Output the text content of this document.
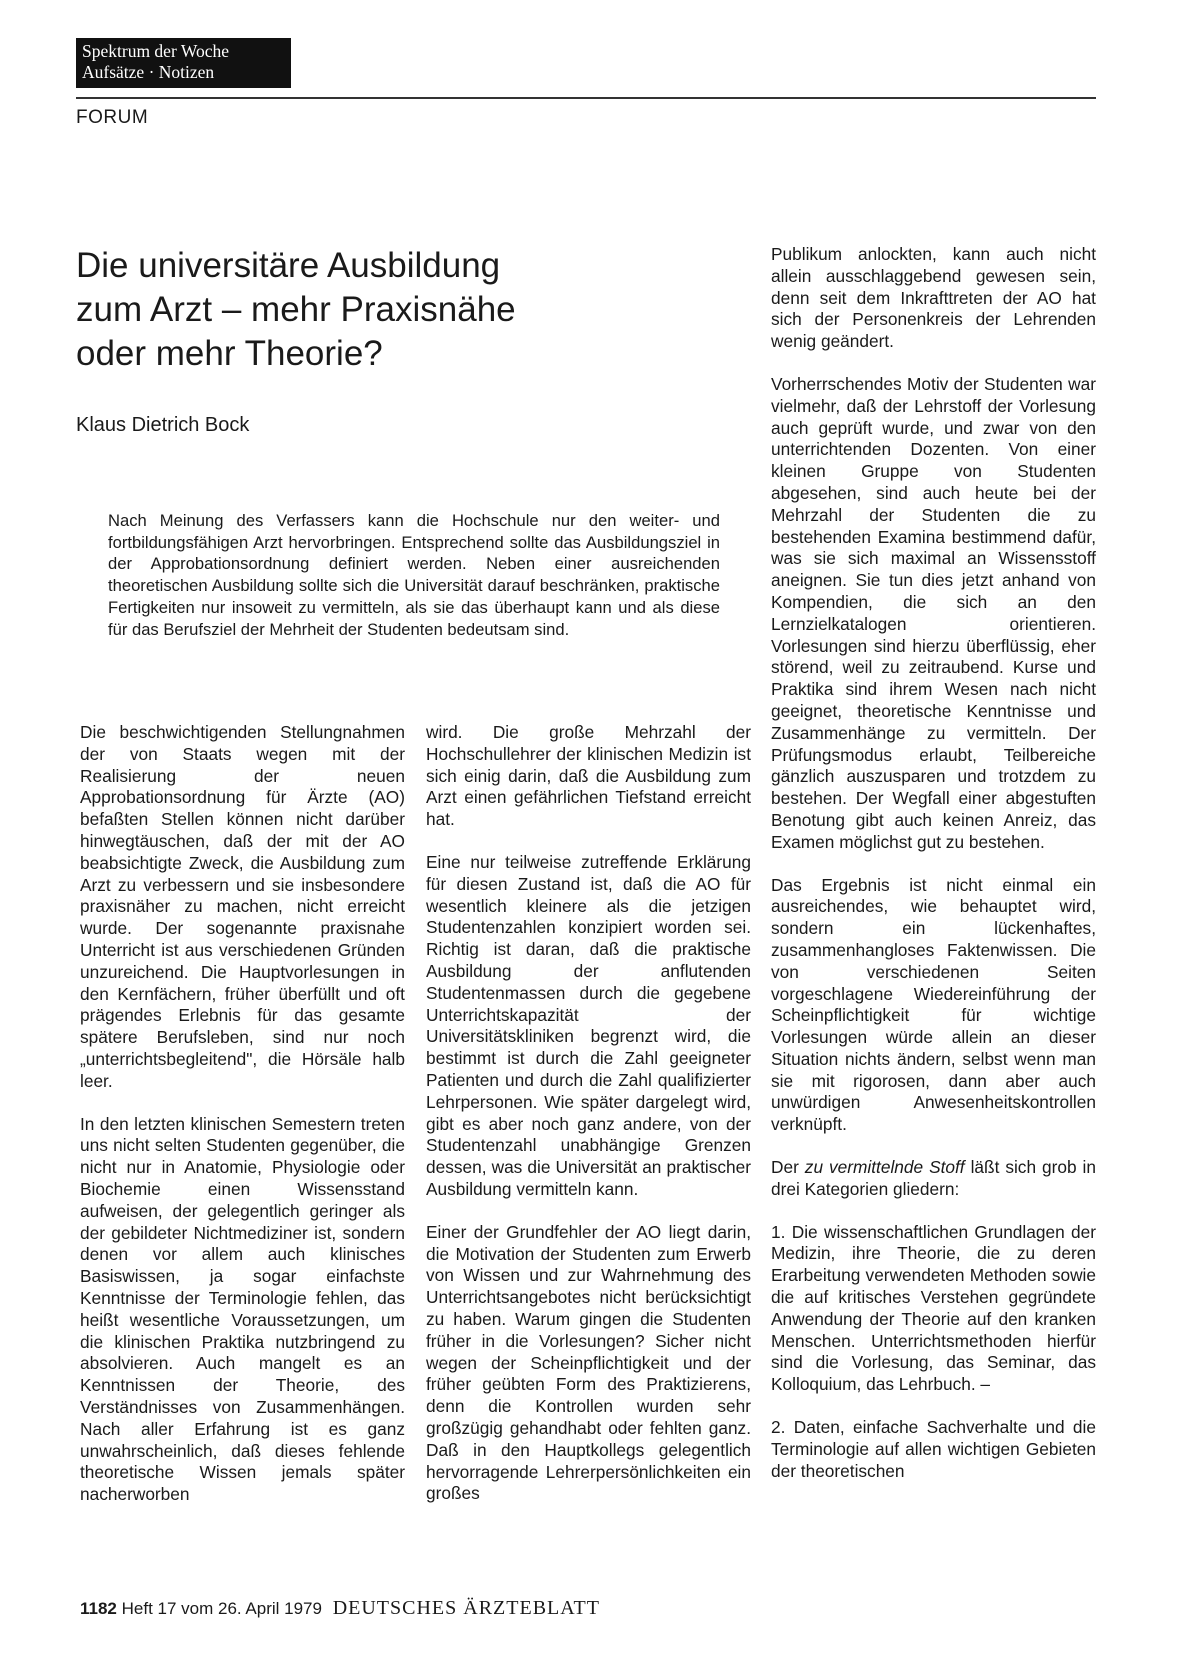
Spektrum der Woche
Aufsätze · Notizen
FORUM
Die universitäre Ausbildung
zum Arzt – mehr Praxisnähe
oder mehr Theorie?
Klaus Dietrich Bock

Nach Meinung des Verfassers kann die Hochschule nur den weiter- und fortbildungsfähigen Arzt hervorbringen. Entsprechend sollte das Ausbildungsziel in der Approbationsordnung definiert werden. Neben einer ausreichenden theoretischen Ausbildung sollte sich die Universität darauf beschränken, praktische Fertigkeiten nur insoweit zu vermitteln, als sie das überhaupt kann und als diese für das Berufsziel der Mehrheit der Studenten bedeutsam sind.

Die beschwichtigenden Stellungnahmen der von Staats wegen mit der Realisierung der neuen Approbationsordnung für Ärzte (AO) befaßten Stellen können nicht darüber hinwegtäuschen, daß der mit der AO beabsichtigte Zweck, die Ausbildung zum Arzt zu verbessern und sie insbesondere praxisnäher zu machen, nicht erreicht wurde. Der sogenannte praxisnahe Unterricht ist aus verschiedenen Gründen unzureichend. Die Hauptvorlesungen in den Kernfächern, früher überfüllt und oft prägendes Erlebnis für das gesamte spätere Berufsleben, sind nur noch „unterrichtsbegleitend", die Hörsäle halb leer.

In den letzten klinischen Semestern treten uns nicht selten Studenten gegenüber, die nicht nur in Anatomie, Physiologie oder Biochemie einen Wissensstand aufweisen, der gelegentlich geringer als der gebildeter Nichtmediziner ist, sondern denen vor allem auch klinisches Basiswissen, ja sogar einfachste Kenntnisse der Terminologie fehlen, das heißt wesentliche Voraussetzungen, um die klinischen Praktika nutzbringend zu absolvieren. Auch mangelt es an Kenntnissen der Theorie, des Verständnisses von Zusammenhängen. Nach aller Erfahrung ist es ganz unwahrscheinlich, daß dieses fehlende theoretische Wissen jemals später nacherworben

wird. Die große Mehrzahl der Hochschullehrer der klinischen Medizin ist sich einig darin, daß die Ausbildung zum Arzt einen gefährlichen Tiefstand erreicht hat.

Eine nur teilweise zutreffende Erklärung für diesen Zustand ist, daß die AO für wesentlich kleinere als die jetzigen Studentenzahlen konzipiert worden sei. Richtig ist daran, daß die praktische Ausbildung der anflutenden Studentenmassen durch die gegebene Unterrichtskapazität der Universitätskliniken begrenzt wird, die bestimmt ist durch die Zahl geeigneter Patienten und durch die Zahl qualifizierter Lehrpersonen. Wie später dargelegt wird, gibt es aber noch ganz andere, von der Studentenzahl unabhängige Grenzen dessen, was die Universität an praktischer Ausbildung vermitteln kann.

Einer der Grundfehler der AO liegt darin, die Motivation der Studenten zum Erwerb von Wissen und zur Wahrnehmung des Unterrichtsangebotes nicht berücksichtigt zu haben. Warum gingen die Studenten früher in die Vorlesungen? Sicher nicht wegen der Scheinpflichtigkeit und der früher geübten Form des Praktizierens, denn die Kontrollen wurden sehr großzügig gehandhabt oder fehlten ganz. Daß in den Hauptkollegs gelegentlich hervorragende Lehrerpersönlichkeiten ein großes

Publikum anlockten, kann auch nicht allein ausschlaggebend gewesen sein, denn seit dem Inkrafttreten der AO hat sich der Personenkreis der Lehrenden wenig geändert.

Vorherrschendes Motiv der Studenten war vielmehr, daß der Lehrstoff der Vorlesung auch geprüft wurde, und zwar von den unterrichtenden Dozenten. Von einer kleinen Gruppe von Studenten abgesehen, sind auch heute bei der Mehrzahl der Studenten die zu bestehenden Examina bestimmend dafür, was sie sich maximal an Wissensstoff aneignen. Sie tun dies jetzt anhand von Kompendien, die sich an den Lernzielkatalogen orientieren. Vorlesungen sind hierzu überflüssig, eher störend, weil zu zeitraubend. Kurse und Praktika sind ihrem Wesen nach nicht geeignet, theoretische Kenntnisse und Zusammenhänge zu vermitteln. Der Prüfungsmodus erlaubt, Teilbereiche gänzlich auszusparen und trotzdem zu bestehen. Der Wegfall einer abgestuften Benotung gibt auch keinen Anreiz, das Examen möglichst gut zu bestehen.

Das Ergebnis ist nicht einmal ein ausreichendes, wie behauptet wird, sondern ein lückenhaftes, zusammenhangloses Faktenwissen. Die von verschiedenen Seiten vorgeschlagene Wiedereinführung der Scheinpflichtigkeit für wichtige Vorlesungen würde allein an dieser Situation nichts ändern, selbst wenn man sie mit rigorosen, dann aber auch unwürdigen Anwesenheitskontrollen verknüpft.

Der zu vermittelnde Stoff läßt sich grob in drei Kategorien gliedern:

1. Die wissenschaftlichen Grundlagen der Medizin, ihre Theorie, die zu deren Erarbeitung verwendeten Methoden sowie die auf kritisches Verstehen gegründete Anwendung der Theorie auf den kranken Menschen. Unterrichtsmethoden hierfür sind die Vorlesung, das Seminar, das Kolloquium, das Lehrbuch. –

2. Daten, einfache Sachverhalte und die Terminologie auf allen wichtigen Gebieten der theoretischen

1182 Heft 17 vom 26. April 1979 DEUTSCHES ÄRZTEBLATT
